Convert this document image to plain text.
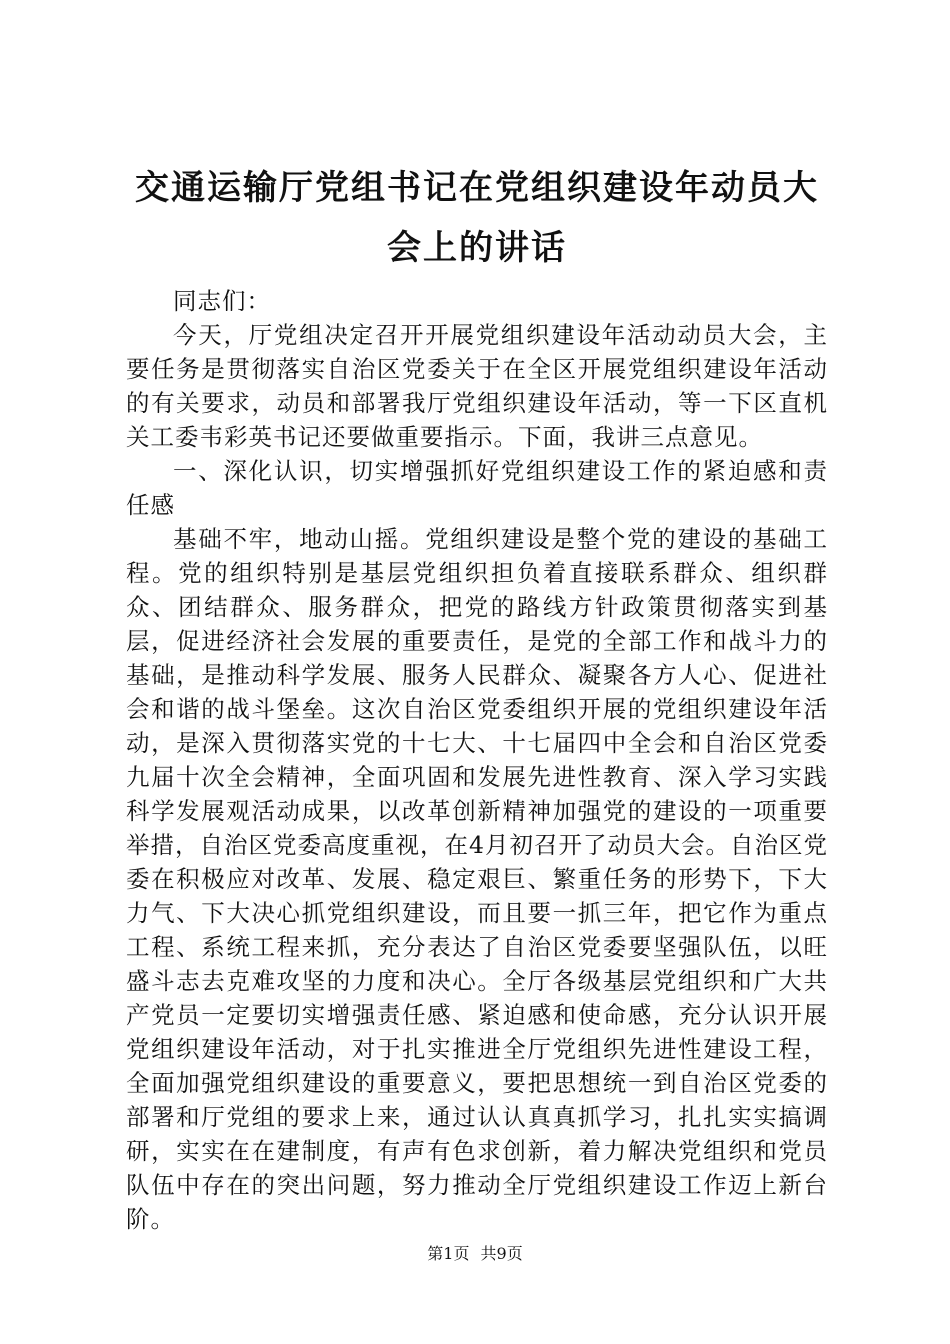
交通运输厅党组书记在党组织建设年动员大会上的讲话

同志们：

今天，厅党组决定召开开展党组织建设年活动动员大会，主要任务是贯彻落实自治区党委关于在全区开展党组织建设年活动的有关要求，动员和部署我厅党组织建设年活动，等一下区直机关工委韦彩英书记还要做重要指示。下面，我讲三点意见。

一、深化认识，切实增强抓好党组织建设工作的紧迫感和责任感

基础不牢，地动山摇。党组织建设是整个党的建设的基础工程。党的组织特别是基层党组织担负着直接联系群众、组织群众、团结群众、服务群众，把党的路线方针政策贯彻落实到基层，促进经济社会发展的重要责任，是党的全部工作和战斗力的基础，是推动科学发展、服务人民群众、凝聚各方人心、促进社会和谐的战斗堡垒。这次自治区党委组织开展的党组织建设年活动，是深入贯彻落实党的十七大、十七届四中全会和自治区党委九届十次全会精神，全面巩固和发展先进性教育、深入学习实践科学发展观活动成果，以改革创新精神加强党的建设的一项重要举措，自治区党委高度重视，在4月初召开了动员大会。自治区党委在积极应对改革、发展、稳定艰巨、繁重任务的形势下，下大力气、下大决心抓党组织建设，而且要一抓三年，把它作为重点工程、系统工程来抓，充分表达了自治区党委要坚强队伍，以旺盛斗志去克难攻坚的力度和决心。全厅各级基层党组织和广大共产党员一定要切实增强责任感、紧迫感和使命感，充分认识开展党组织建设年活动，对于扎实推进全厅党组织先进性建设工程，全面加强党组织建设的重要意义，要把思想统一到自治区党委的部署和厅党组的要求上来，通过认认真真抓学习，扎扎实实搞调研，实实在在建制度，有声有色求创新，着力解决党组织和党员队伍中存在的突出问题，努力推动全厅党组织建设工作迈上新台阶。

第1页 共9页
